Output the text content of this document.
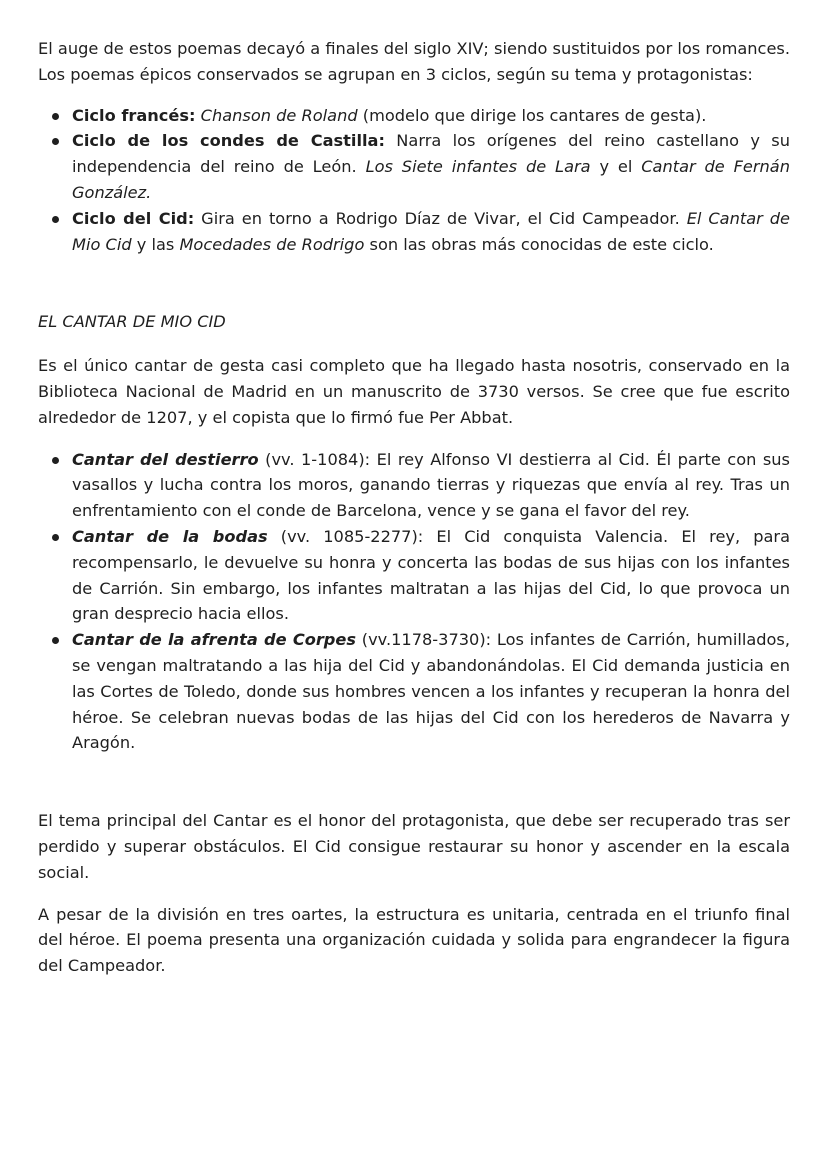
El auge de estos poemas decayó a finales del siglo XIV; siendo sustituidos por los romances. Los poemas épicos conservados se agrupan en 3 ciclos, según su tema y protagonistas:

Ciclo francés: Chanson de Roland (modelo que dirige los cantares de gesta).
Ciclo de los condes de Castilla: Narra los orígenes del reino castellano y su independencia del reino de León. Los Siete infantes de Lara y el Cantar de Fernán González.
Ciclo del Cid: Gira en torno a Rodrigo Díaz de Vivar, el Cid Campeador. El Cantar de Mio Cid y las Mocedades de Rodrigo son las obras más conocidas de este ciclo.

EL CANTAR DE MIO CID

Es el único cantar de gesta casi completo que ha llegado hasta nosotris, conservado en la Biblioteca Nacional de Madrid en un manuscrito de 3730 versos. Se cree que fue escrito alrededor de 1207, y el copista que lo firmó fue Per Abbat.

Cantar del destierro (vv. 1-1084): El rey Alfonso VI destierra al Cid. Él parte con sus vasallos y lucha contra los moros, ganando tierras y riquezas que envía al rey. Tras un enfrentamiento con el conde de Barcelona, vence y se gana el favor del rey.
Cantar de la bodas (vv. 1085-2277): El Cid conquista Valencia. El rey, para recompensarlo, le devuelve su honra y concerta las bodas de sus hijas con los infantes de Carrión. Sin embargo, los infantes maltratan a las hijas del Cid, lo que provoca un gran desprecio hacia ellos.
Cantar de la afrenta de Corpes (vv.1178-3730): Los infantes de Carrión, humillados, se vengan maltratando a las hija del Cid y abandonándolas. El Cid demanda justicia en las Cortes de Toledo, donde sus hombres vencen a los infantes y recuperan la honra del héroe. Se celebran nuevas bodas de las hijas del Cid con los herederos de Navarra y Aragón.

El tema principal del Cantar es el honor del protagonista, que debe ser recuperado tras ser perdido y superar obstáculos. El Cid consigue restaurar su honor y ascender en la escala social.

A pesar de la división en tres oartes, la estructura es unitaria, centrada en el triunfo final del héroe. El poema presenta una organización cuidada y solida para engrandecer la figura del Campeador.
